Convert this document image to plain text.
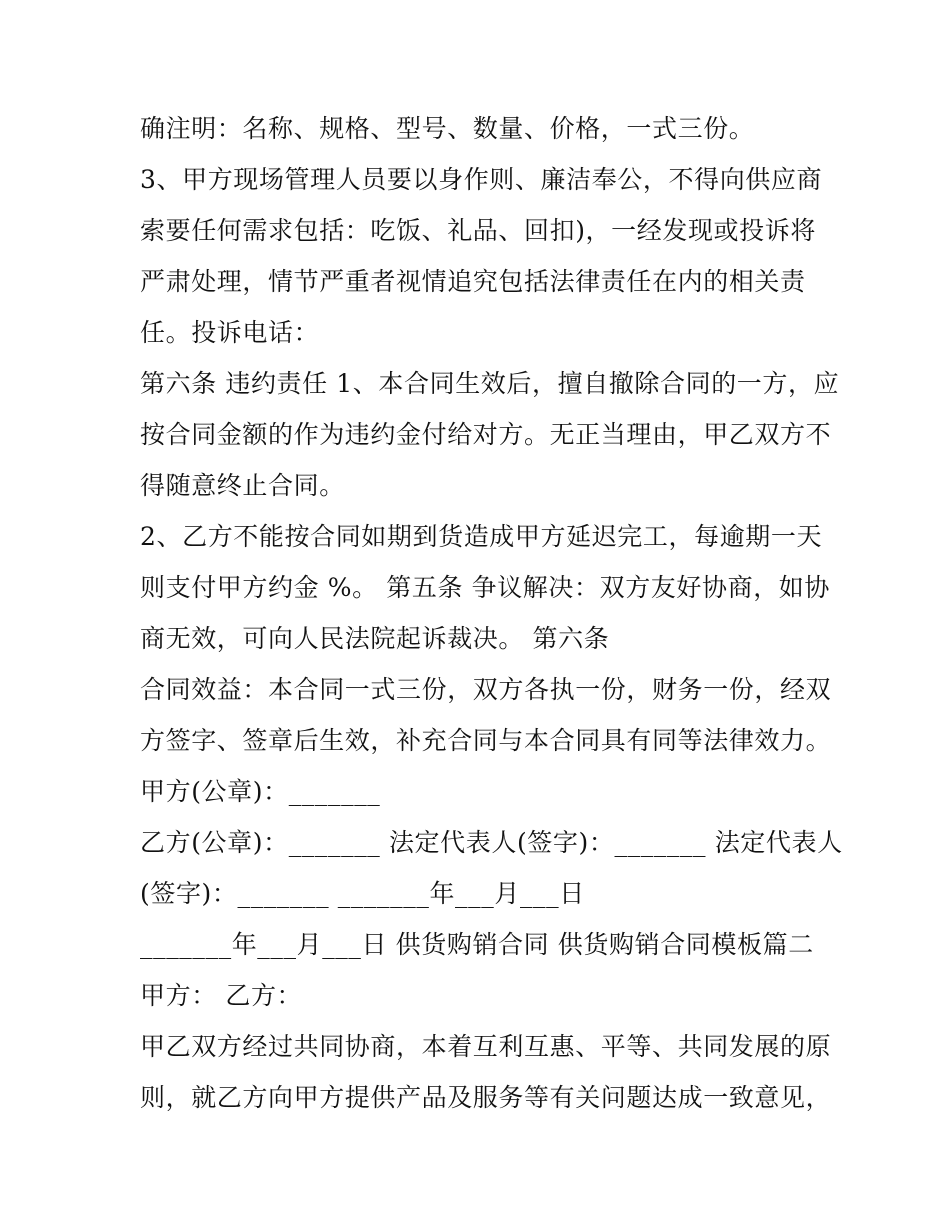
确注明：名称、规格、型号、数量、价格，一式三份。
3、甲方现场管理人员要以身作则、廉洁奉公，不得向供应商
索要任何需求包括：吃饭、礼品、回扣)，一经发现或投诉将
严肃处理，情节严重者视情追究包括法律责任在内的相关责
任。投诉电话：
第六条 违约责任 1、本合同生效后，擅自撤除合同的一方，应
按合同金额的作为违约金付给对方。无正当理由，甲乙双方不
得随意终止合同。
2、乙方不能按合同如期到货造成甲方延迟完工，每逾期一天
则支付甲方约金 %。 第五条 争议解决：双方友好协商，如协
商无效，可向人民法院起诉裁决。 第六条
合同效益：本合同一式三份，双方各执一份，财务一份，经双
方签字、签章后生效，补充合同与本合同具有同等法律效力。
甲方(公章)：_______
乙方(公章)：_______ 法定代表人(签字)：_______ 法定代表人
(签字)：_______ _______年___月___日
_______年___月___日 供货购销合同 供货购销合同模板篇二
甲方： 乙方：
甲乙双方经过共同协商，本着互利互惠、平等、共同发展的原
则，就乙方向甲方提供产品及服务等有关问题达成一致意见，
